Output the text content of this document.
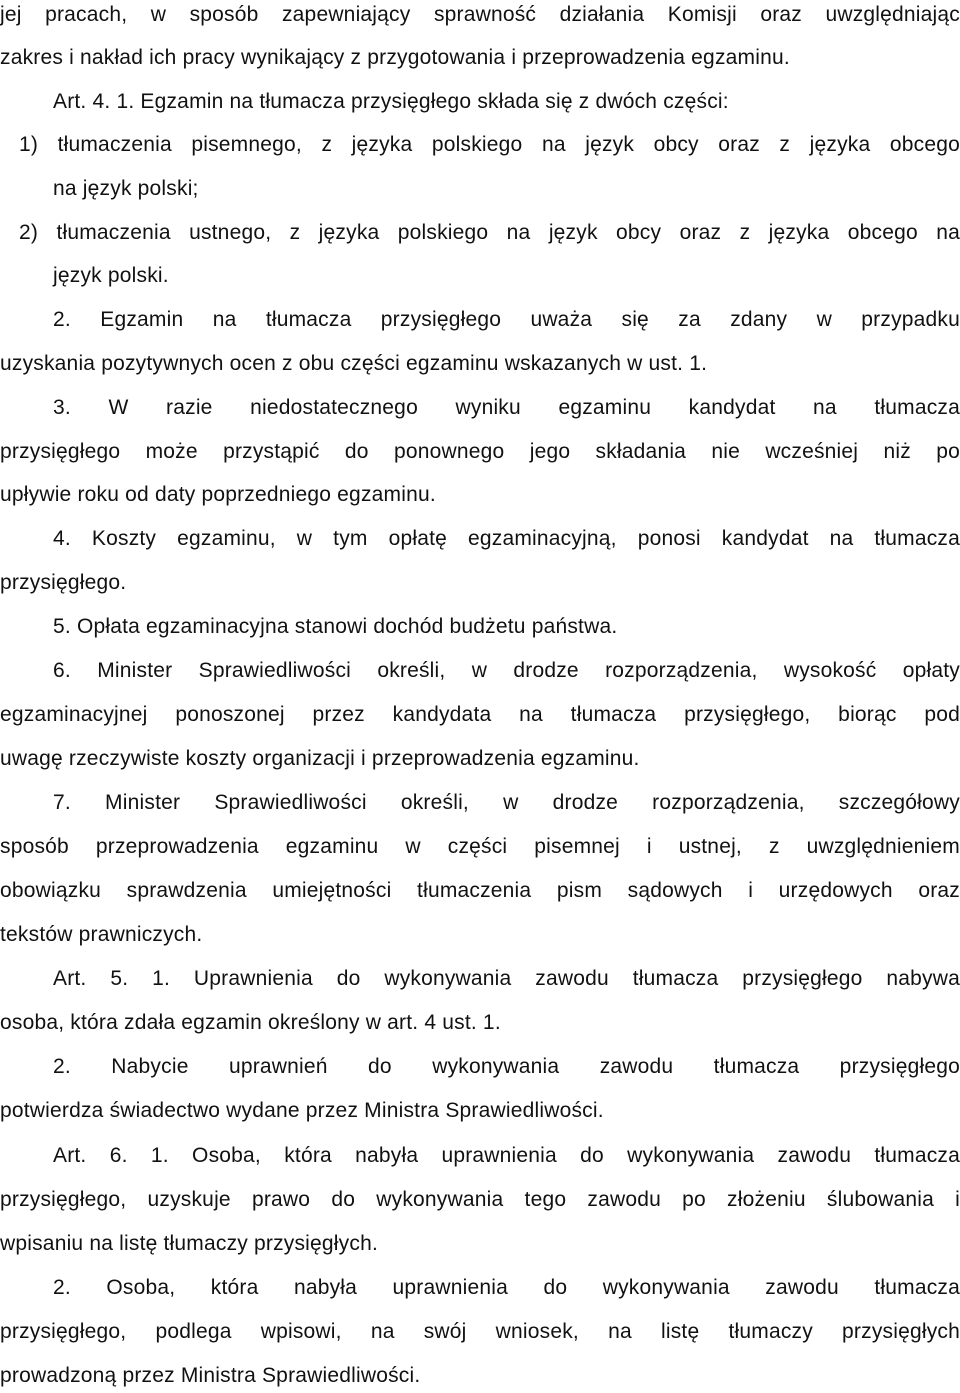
jej pracach, w sposób zapewniający sprawność działania Komisji oraz uwzględniając
zakres i nakład ich pracy wynikający z przygotowania i przeprowadzenia egzaminu.
Art. 4. 1. Egzamin na tłumacza przysięgłego składa się z dwóch części:
1) tłumaczenia pisemnego, z języka polskiego na język obcy oraz z języka obcego
na język polski;
2) tłumaczenia ustnego, z języka polskiego na język obcy oraz z języka obcego na
język polski.
2. Egzamin na tłumacza przysięgłego uważa się za zdany w przypadku
uzyskania pozytywnych ocen z obu części egzaminu wskazanych w ust. 1.
3. W razie niedostatecznego wyniku egzaminu kandydat na tłumacza
przysięgłego może przystąpić do ponownego jego składania nie wcześniej niż po
upływie roku od daty poprzedniego egzaminu.
4. Koszty egzaminu, w tym opłatę egzaminacyjną, ponosi kandydat na tłumacza
przysięgłego.
5. Opłata egzaminacyjna stanowi dochód budżetu państwa.
6. Minister Sprawiedliwości określi, w drodze rozporządzenia, wysokość opłaty
egzaminacyjnej ponoszonej przez kandydata na tłumacza przysięgłego, biorąc pod
uwagę rzeczywiste koszty organizacji i przeprowadzenia egzaminu.
7. Minister Sprawiedliwości określi, w drodze rozporządzenia, szczegółowy
sposób przeprowadzenia egzaminu w części pisemnej i ustnej, z uwzględnieniem
obowiązku sprawdzenia umiejętności tłumaczenia pism sądowych i urzędowych oraz
tekstów prawniczych.
Art. 5. 1. Uprawnienia do wykonywania zawodu tłumacza przysięgłego nabywa
osoba, która zdała egzamin określony w art. 4 ust. 1.
2. Nabycie uprawnień do wykonywania zawodu tłumacza przysięgłego
potwierdza świadectwo wydane przez Ministra Sprawiedliwości.
Art. 6. 1. Osoba, która nabyła uprawnienia do wykonywania zawodu tłumacza
przysięgłego, uzyskuje prawo do wykonywania tego zawodu po złożeniu ślubowania i
wpisaniu na listę tłumaczy przysięgłych.
2. Osoba, która nabyła uprawnienia do wykonywania zawodu tłumacza
przysięgłego, podlega wpisowi, na swój wniosek, na listę tłumaczy przysięgłych
prowadzoną przez Ministra Sprawiedliwości.
